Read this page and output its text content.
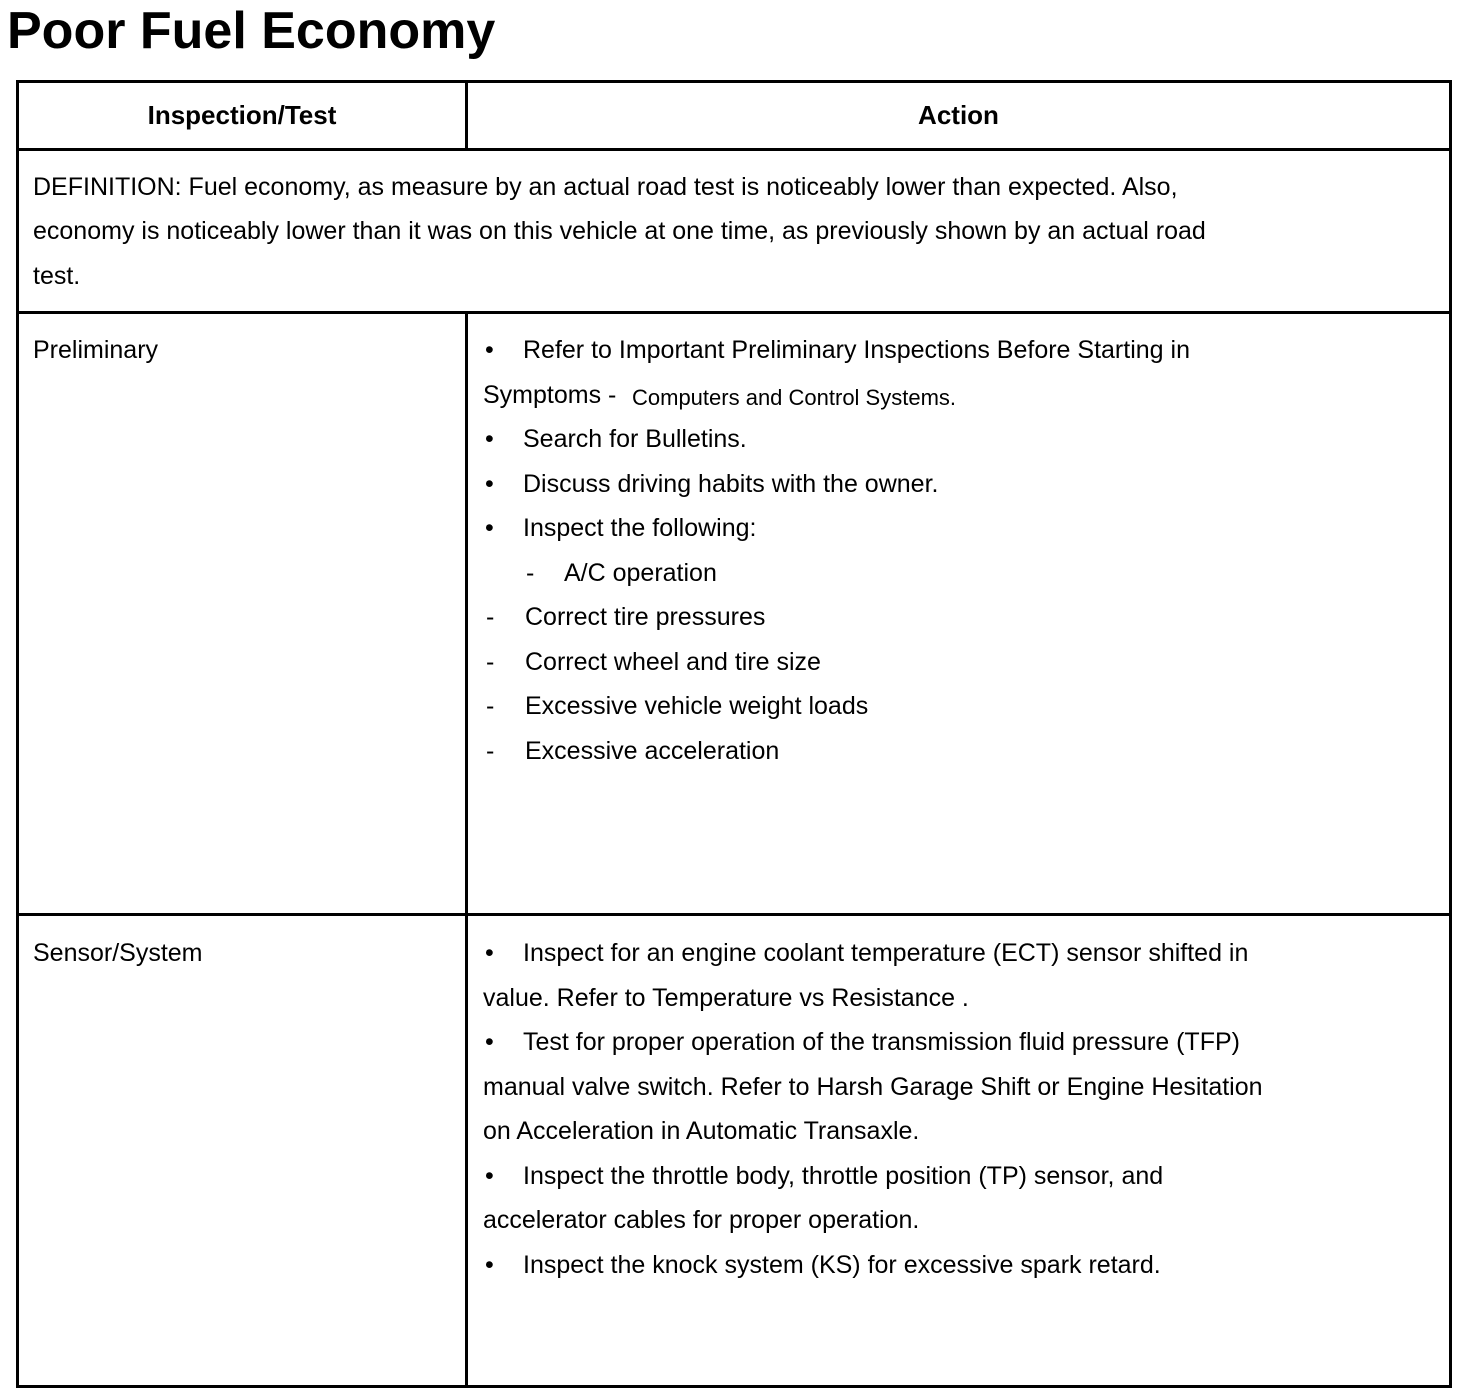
Poor Fuel Economy
Inspection/Test	Action
DEFINITION: Fuel economy, as measure by an actual road test is noticeably lower than expected. Also,
economy is noticeably lower than it was on this vehicle at one time, as previously shown by an actual road
test.
Preliminary	• Refer to Important Preliminary Inspections Before Starting in
Symptoms - Computers and Control Systems.
• Search for Bulletins.
• Discuss driving habits with the owner.
• Inspect the following:
- A/C operation
- Correct tire pressures
- Correct wheel and tire size
- Excessive vehicle weight loads
- Excessive acceleration
Sensor/System	• Inspect for an engine coolant temperature (ECT) sensor shifted in
value. Refer to Temperature vs Resistance .
• Test for proper operation of the transmission fluid pressure (TFP)
manual valve switch. Refer to Harsh Garage Shift or Engine Hesitation
on Acceleration in Automatic Transaxle.
• Inspect the throttle body, throttle position (TP) sensor, and
accelerator cables for proper operation.
• Inspect the knock system (KS) for excessive spark retard.
